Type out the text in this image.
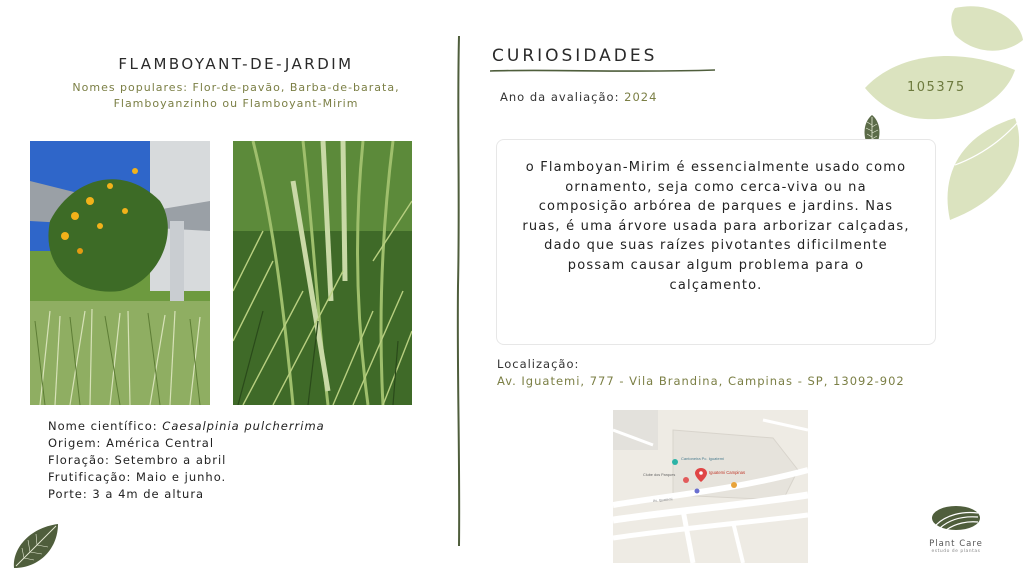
FLAMBOYANT-DE-JARDIM
Nomes populares: Flor-de-pavão, Barba-de-barata,
Flamboyanzinho ou Flamboyant-Mirim
Nome científico: Caesalpinia pulcherrima
Origem: América Central
Floração: Setembro a abril
Frutificação: Maio e junho.
Porte: 3 a 4m de altura
CURIOSIDADES
Ano da avaliação: 2024
105375

o Flamboyan-Mirim é essencialmente usado como
ornamento, seja como cerca-viva ou na
composição arbórea de parques e jardins. Nas
ruas, é uma árvore usada para arborizar calçadas,
dado que suas raízes pivotantes dificilmente
possam causar algum problema para o
calçamento.

Localização:
Av. Iguatemi, 777 - Vila Brandina, Campinas - SP, 13092-902
Cantoneira Pc. Iguatemi
Iguatemi Campinas
Clube dos Parques
Av. Iguatemi
Plant Care
estudo de plantas
